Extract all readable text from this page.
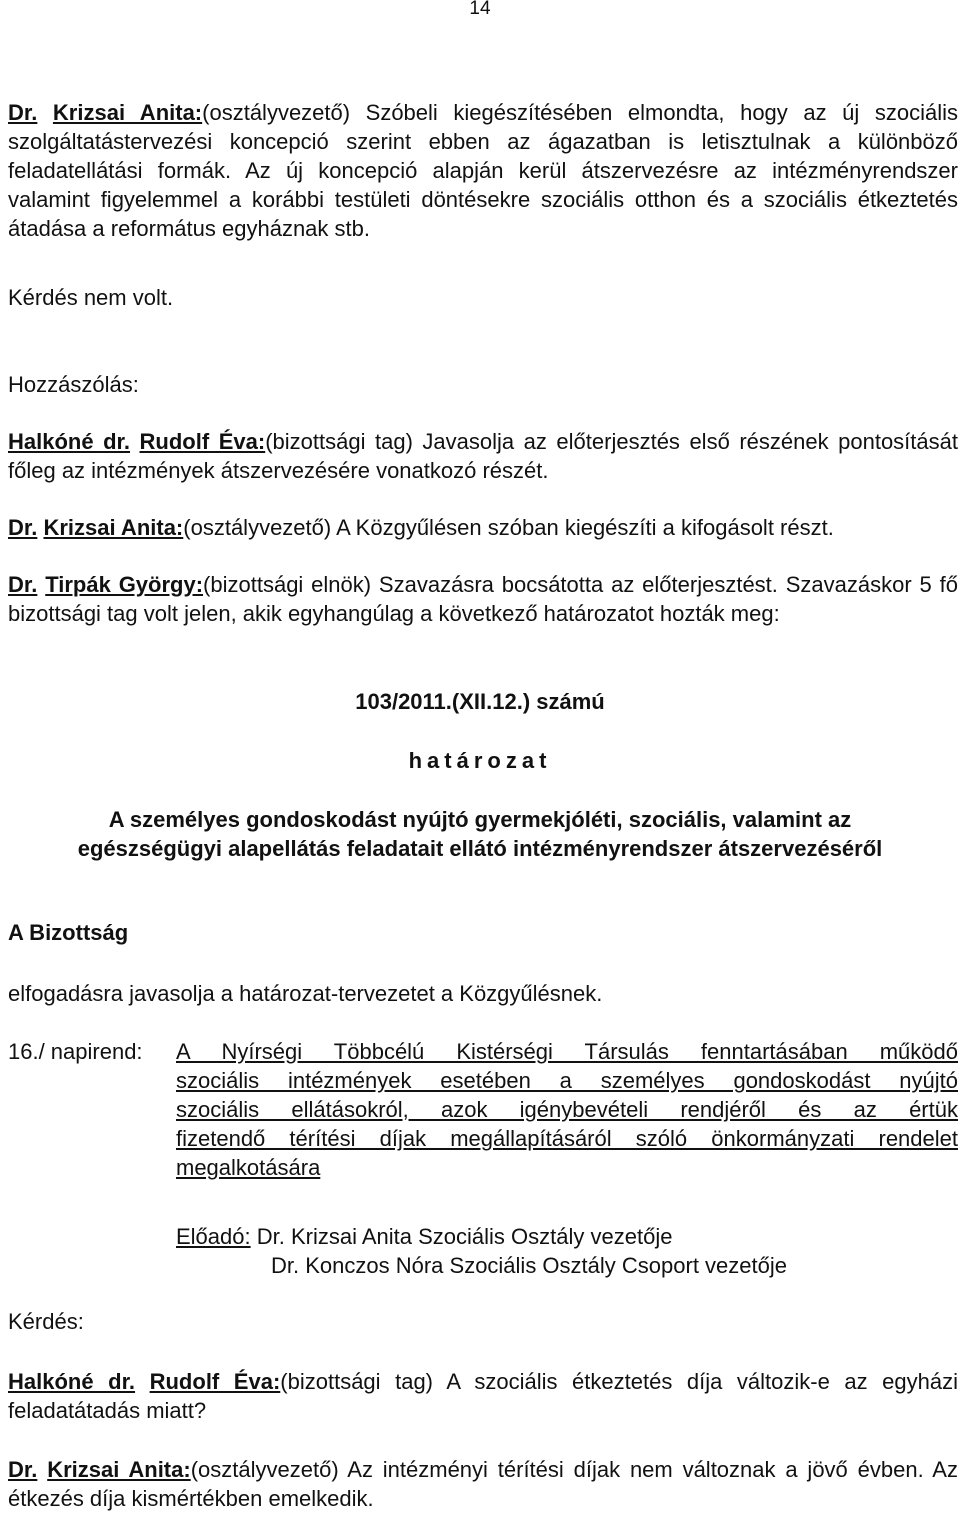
14

Dr. Krizsai Anita:(osztályvezető) Szóbeli kiegészítésében elmondta, hogy az új szociális szolgáltatástervezési koncepció szerint ebben az ágazatban is letisztulnak a különböző feladatellátási formák. Az új koncepció alapján kerül átszervezésre az intézményrendszer valamint figyelemmel a korábbi testületi döntésekre szociális otthon és a szociális étkeztetés átadása a református egyháznak stb.

Kérdés nem volt.

Hozzászólás:

Halkóné dr. Rudolf Éva:(bizottsági tag) Javasolja az előterjesztés első részének pontosítását főleg az intézmények átszervezésére vonatkozó részét.

Dr. Krizsai Anita:(osztályvezető) A Közgyűlésen szóban kiegészíti a kifogásolt részt.

Dr. Tirpák György:(bizottsági elnök) Szavazásra bocsátotta az előterjesztést. Szavazáskor 5 fő bizottsági tag volt jelen, akik egyhangúlag a következő határozatot hozták meg:

103/2011.(XII.12.) számú

határozat

A személyes gondoskodást nyújtó gyermekjóléti, szociális, valamint az

egészségügyi alapellátás feladatait ellátó intézményrendszer átszervezéséről

A Bizottság

elfogadásra javasolja a határozat-tervezetet a Közgyűlésnek.

16./ napirend: A Nyírségi Többcélú Kistérségi Társulás fenntartásában működő
szociális intézmények esetében a személyes gondoskodást nyújtó
szociális ellátásokról, azok igénybevételi rendjéről és az értük
fizetendő térítési díjak megállapításáról szóló önkormányzati rendelet
megalkotására

Előadó: Dr. Krizsai Anita Szociális Osztály vezetője
Dr. Konczos Nóra Szociális Osztály Csoport vezetője

Kérdés:

Halkóné dr. Rudolf Éva:(bizottsági tag) A szociális étkeztetés díja változik-e az egyházi feladatátadás miatt?

Dr. Krizsai Anita:(osztályvezető) Az intézményi térítési díjak nem változnak a jövő évben. Az étkezés díja kismértékben emelkedik.
